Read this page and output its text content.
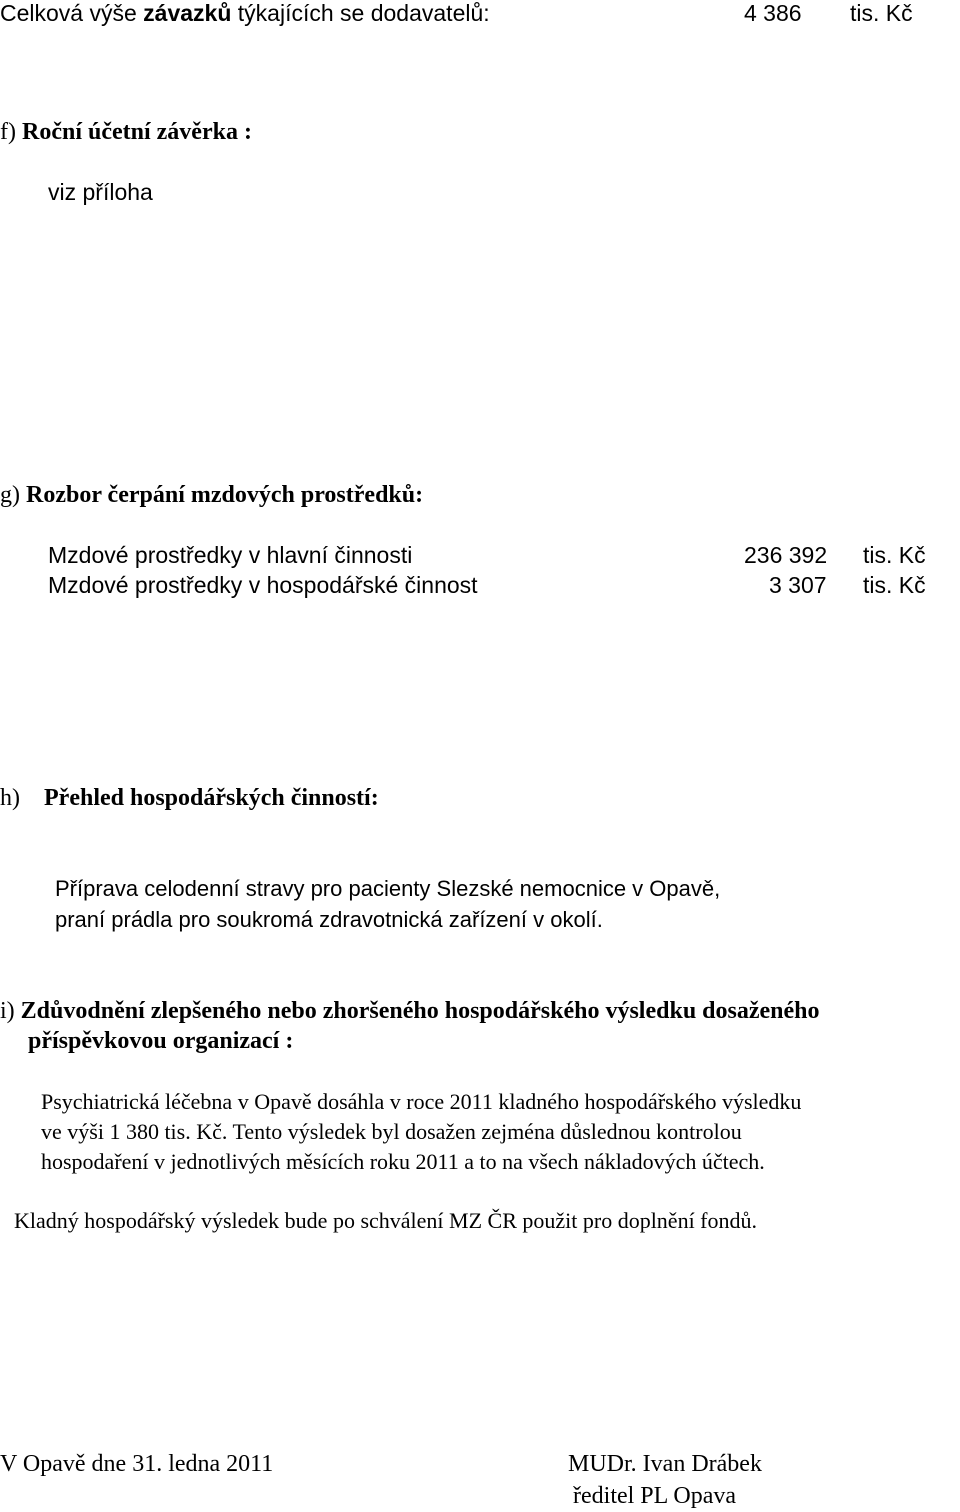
Celková výše závazků týkajících se dodavatelů:	4 386 tis. Kč
f) Roční účetní závěrka :
viz příloha
g) Rozbor čerpání mzdových prostředků:
Mzdové prostředky v hlavní činnosti	236 392 tis. Kč
Mzdové prostředky v hospodářské činnost	3 307 tis. Kč
h) Přehled hospodářských činností:
Příprava celodenní stravy pro pacienty Slezské nemocnice v Opavě,
praní prádla pro soukromá zdravotnická zařízení v okolí.
i) Zdůvodnění zlepšeného nebo zhoršeného hospodářského výsledku dosaženého
příspěvkovou organizací :
Psychiatrická léčebna v Opavě dosáhla v roce 2011 kladného hospodářského výsledku
ve výši 1 380 tis. Kč. Tento výsledek byl dosažen zejména důslednou kontrolou
hospodaření v jednotlivých měsících roku 2011 a to na všech nákladových účtech.
Kladný hospodářský výsledek bude po schválení MZ ČR použit pro doplnění fondů.
V Opavě dne 31. ledna 2011	MUDr. Ivan Drábek
ředitel PL Opava
